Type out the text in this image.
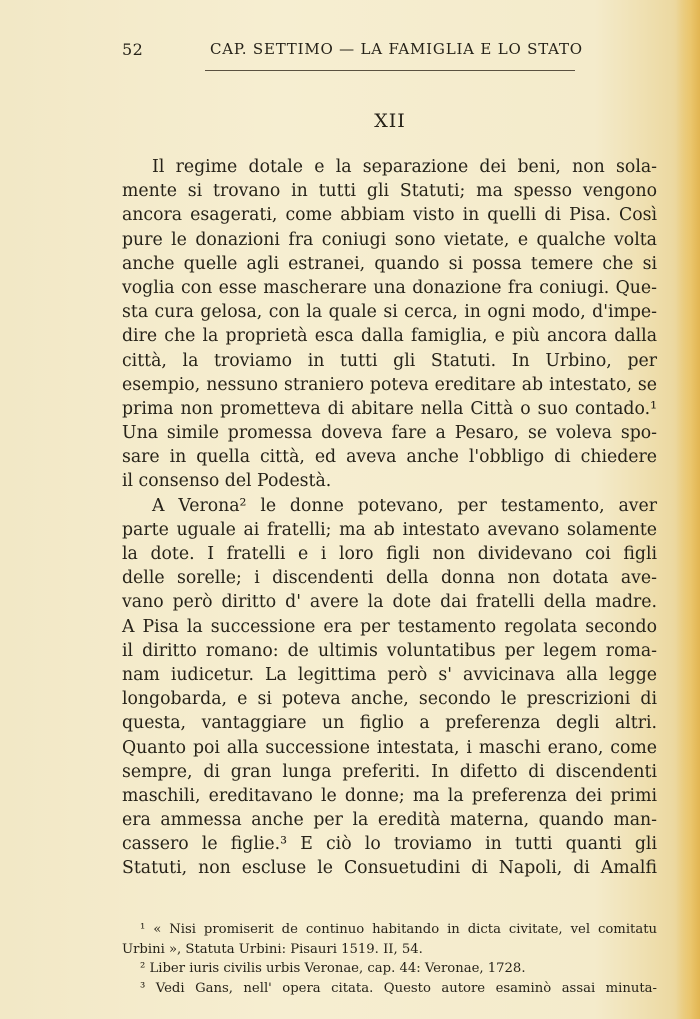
52	CAP. SETTIMO — LA FAMIGLIA E LO STATO
XII
Il regime dotale e la separazione dei beni, non sola-
mente si trovano in tutti gli Statuti; ma spesso vengono
ancora esagerati, come abbiam visto in quelli di Pisa. Così
pure le donazioni fra coniugi sono vietate, e qualche volta
anche quelle agli estranei, quando si possa temere che si
voglia con esse mascherare una donazione fra coniugi. Que-
sta cura gelosa, con la quale si cerca, in ogni modo, d'impe-
dire che la proprietà esca dalla famiglia, e più ancora dalla
città, la troviamo in tutti gli Statuti. In Urbino, per
esempio, nessuno straniero poteva ereditare ab intestato, se
prima non prometteva di abitare nella Città o suo contado.¹
Una simile promessa doveva fare a Pesaro, se voleva spo-
sare in quella città, ed aveva anche l'obbligo di chiedere
il consenso del Podestà.
A Verona² le donne potevano, per testamento, aver
parte uguale ai fratelli; ma ab intestato avevano solamente
la dote. I fratelli e i loro figli non dividevano coi figli
delle sorelle; i discendenti della donna non dotata ave-
vano però diritto d' avere la dote dai fratelli della madre.
A Pisa la successione era per testamento regolata secondo
il diritto romano: de ultimis voluntatibus per legem roma-
nam iudicetur. La legittima però s' avvicinava alla legge
longobarda, e si poteva anche, secondo le prescrizioni di
questa, vantaggiare un figlio a preferenza degli altri.
Quanto poi alla successione intestata, i maschi erano, come
sempre, di gran lunga preferiti. In difetto di discendenti
maschili, ereditavano le donne; ma la preferenza dei primi
era ammessa anche per la eredità materna, quando man-
cassero le figlie.³ E ciò lo troviamo in tutti quanti gli
Statuti, non escluse le Consuetudini di Napoli, di Amalfi
¹ « Nisi promiserit de continuo habitando in dicta civitate, vel comitatu
Urbini », Statuta Urbini: Pisauri 1519. II, 54.
² Liber iuris civilis urbis Veronae, cap. 44: Veronae, 1728.
³ Vedi Gans, nell' opera citata. Questo autore esaminò assai minuta-
